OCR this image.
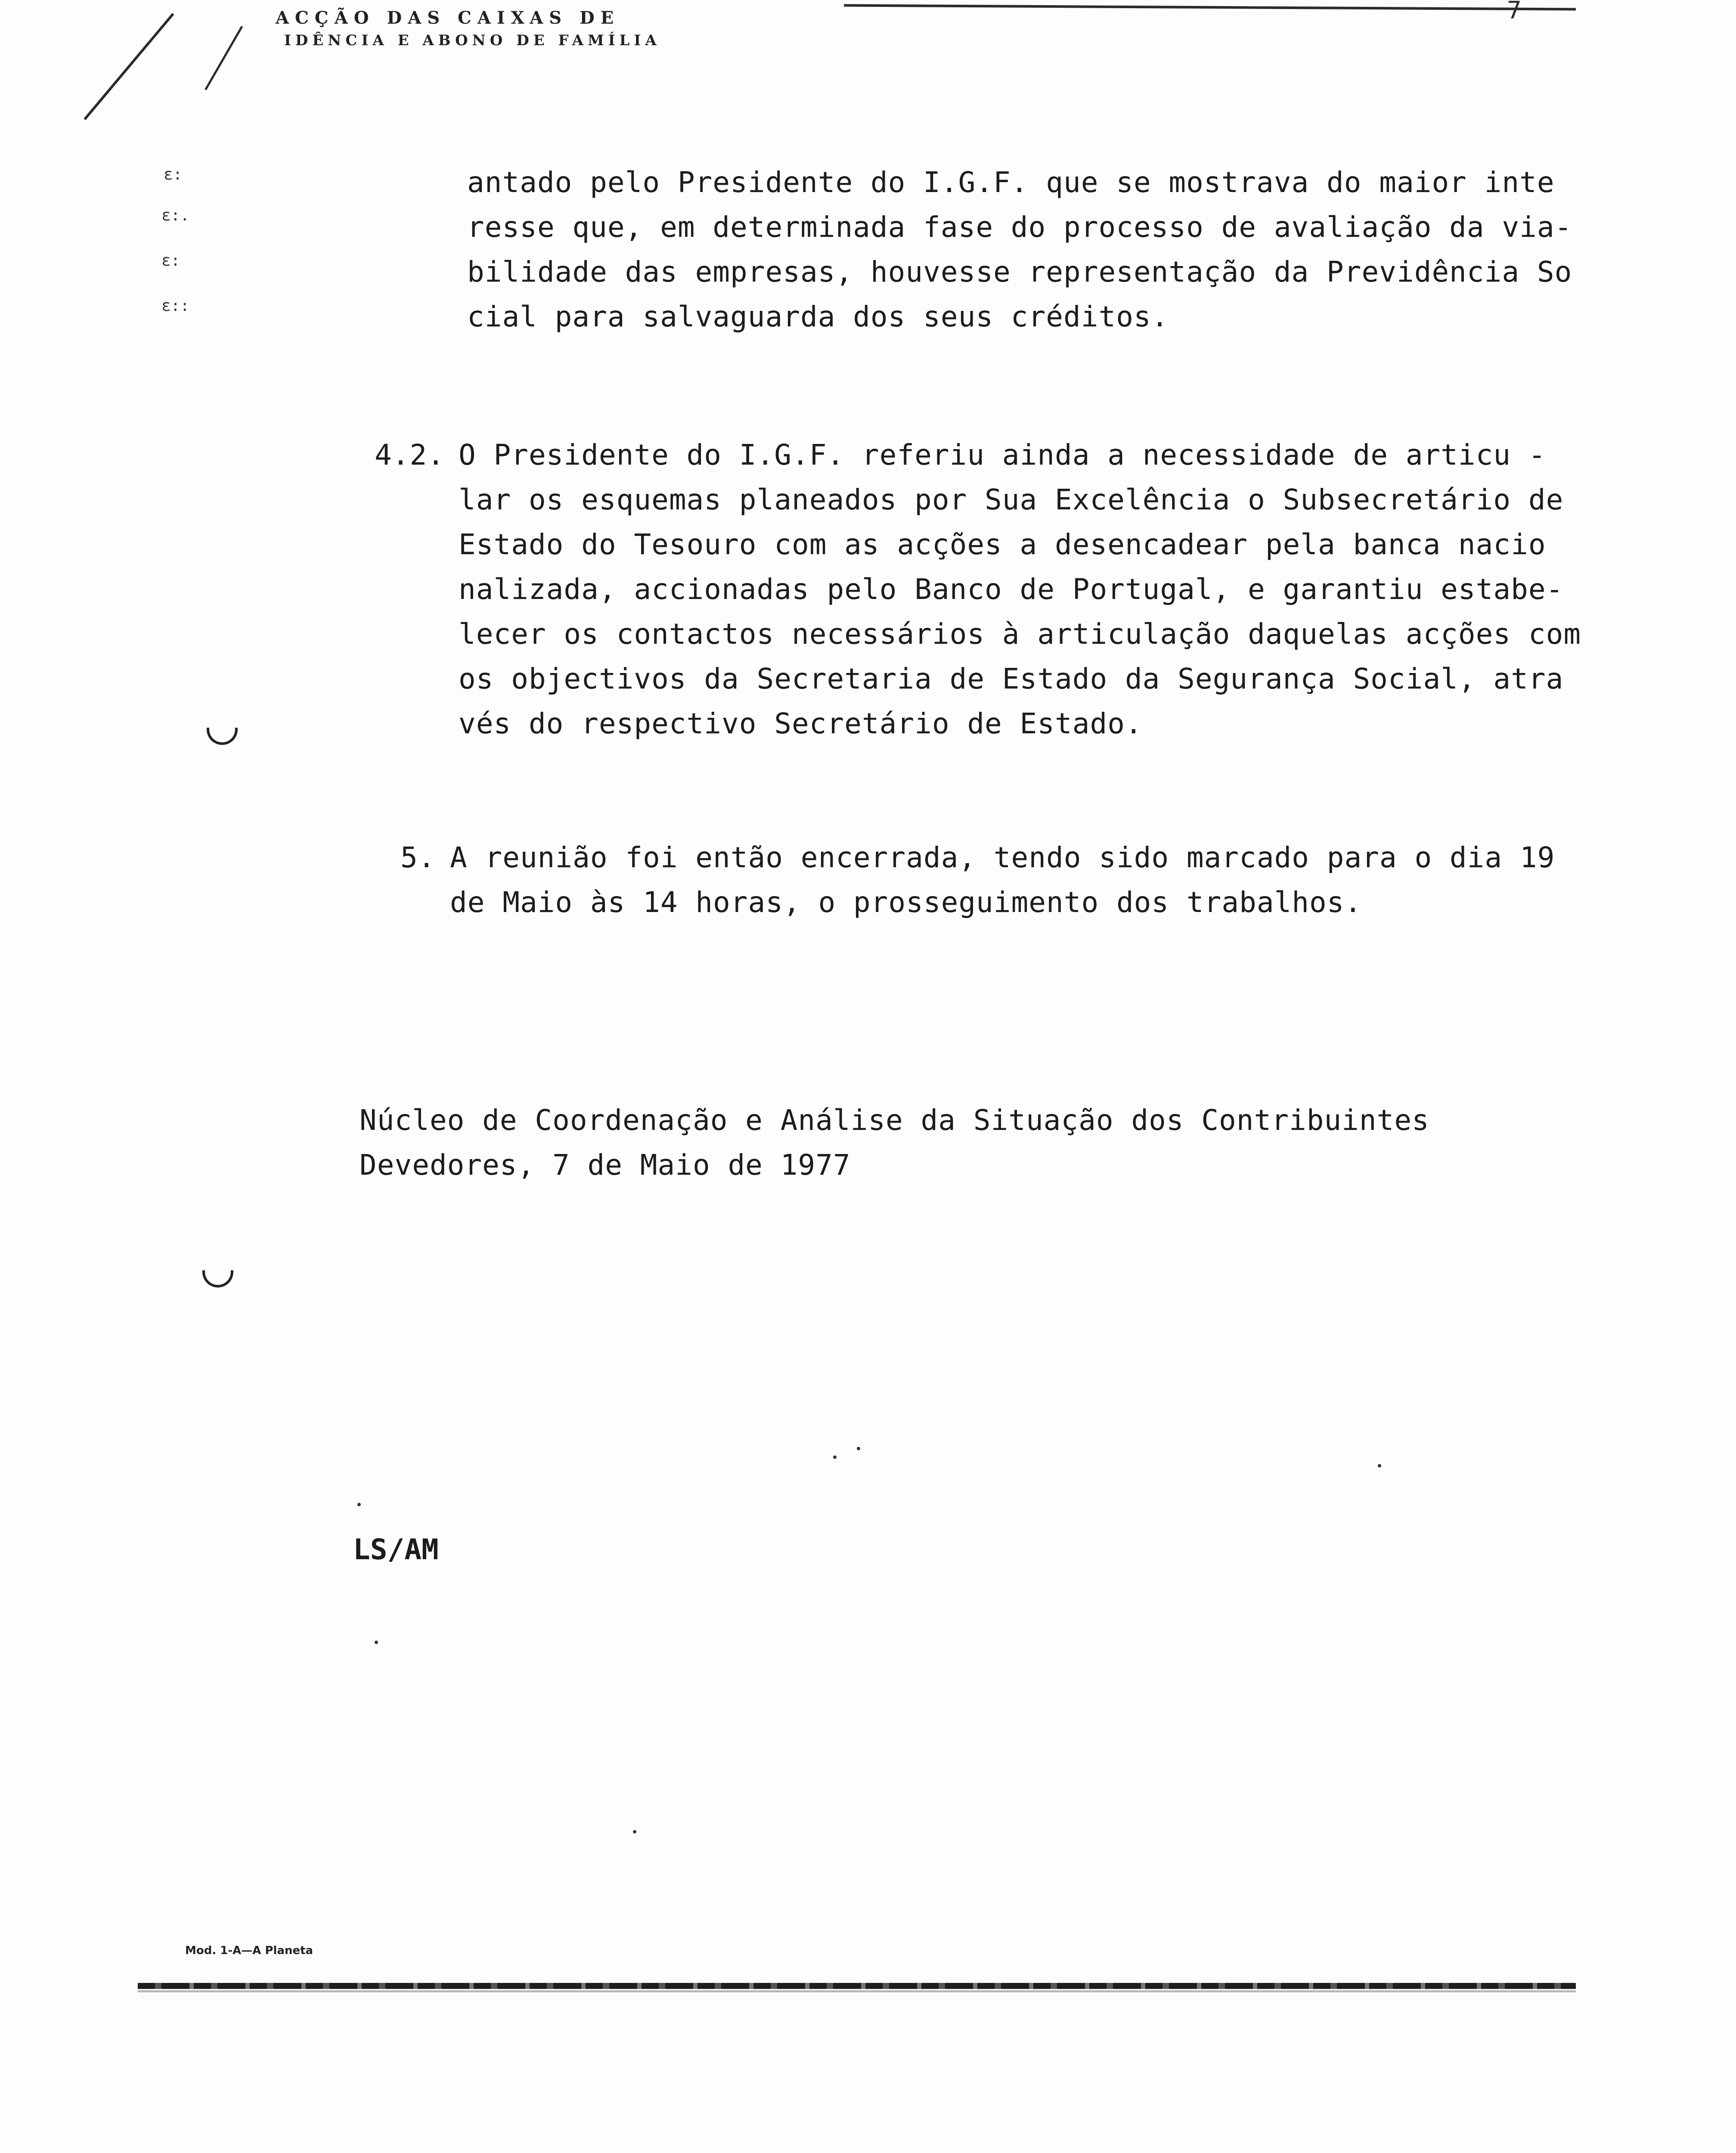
7
ACÇÃO DAS CAIXAS DE
IDÊNCIA E ABONO DE FAMÍLIA
ε:
ε:.
ε:
ε::
antado pelo Presidente do I.G.F. que se mostrava do maior inte
resse que, em determinada fase do processo de avaliação da via-
bilidade das empresas, houvesse representação da Previdência So
cial para salvaguarda dos seus créditos.
4.2. O Presidente do I.G.F. referiu ainda a necessidade de articu -
lar os esquemas planeados por Sua Excelência o Subsecretário de
Estado do Tesouro com as acções a desencadear pela banca nacio
nalizada, accionadas pelo Banco de Portugal, e garantiu estabe-
lecer os contactos necessários à articulação daquelas acções com
os objectivos da Secretaria de Estado da Segurança Social, atra
vés do respectivo Secretário de Estado.
5. A reunião foi então encerrada, tendo sido marcado para o dia 19
de Maio às 14 horas, o prosseguimento dos trabalhos.
Núcleo de Coordenação e Análise da Situação dos Contribuintes
Devedores, 7 de Maio de 1977
LS/AM
Mod. 1-A—A Planeta
